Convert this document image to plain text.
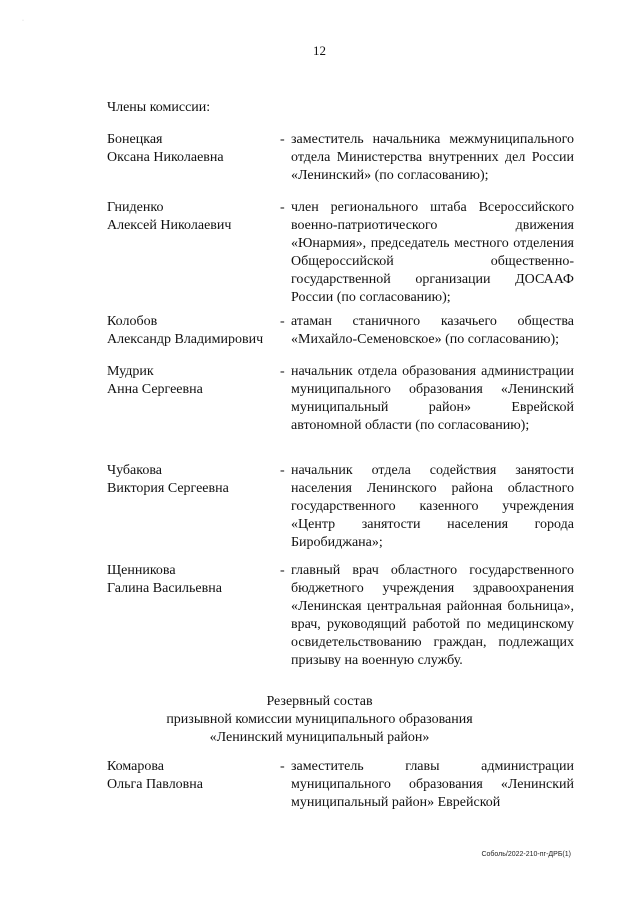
·
12
Члены комиссии:
Бонецкая
Оксана Николаевна
- заместитель начальника межмуниципального отдела Министерства внутренних дел России «Ленинский» (по согласованию);
Гниденко
Алексей Николаевич
- член регионального штаба Всероссийского военно-патриотического движения «Юнармия», председатель местного отделения Общероссийской общественно-государственной организации ДОСААФ России (по согласованию);
Колобов
Александр Владимирович
- атаман станичного казачьего общества «Михайло-Семеновское» (по согласованию);
Мудрик
Анна Сергеевна
- начальник отдела образования администрации муниципального образования «Ленинский муниципальный район» Еврейской автономной области (по согласованию);
Чубакова
Виктория Сергеевна
- начальник отдела содействия занятости населения Ленинского района областного государственного казенного учреждения «Центр занятости населения города Биробиджана»;
Щенникова
Галина Васильевна
- главный врач областного государственного бюджетного учреждения здравоохранения «Ленинская центральная районная больница», врач, руководящий работой по медицинскому освидетельствованию граждан, подлежащих призыву на военную службу.
Резервный состав
призывной комиссии муниципального образования
«Ленинский муниципальный район»
Комарова
Ольга Павловна
- заместитель главы администрации муниципального образования «Ленинский муниципальный район» Еврейской
Соболь/2022-210-пг-ДРБ(1)
